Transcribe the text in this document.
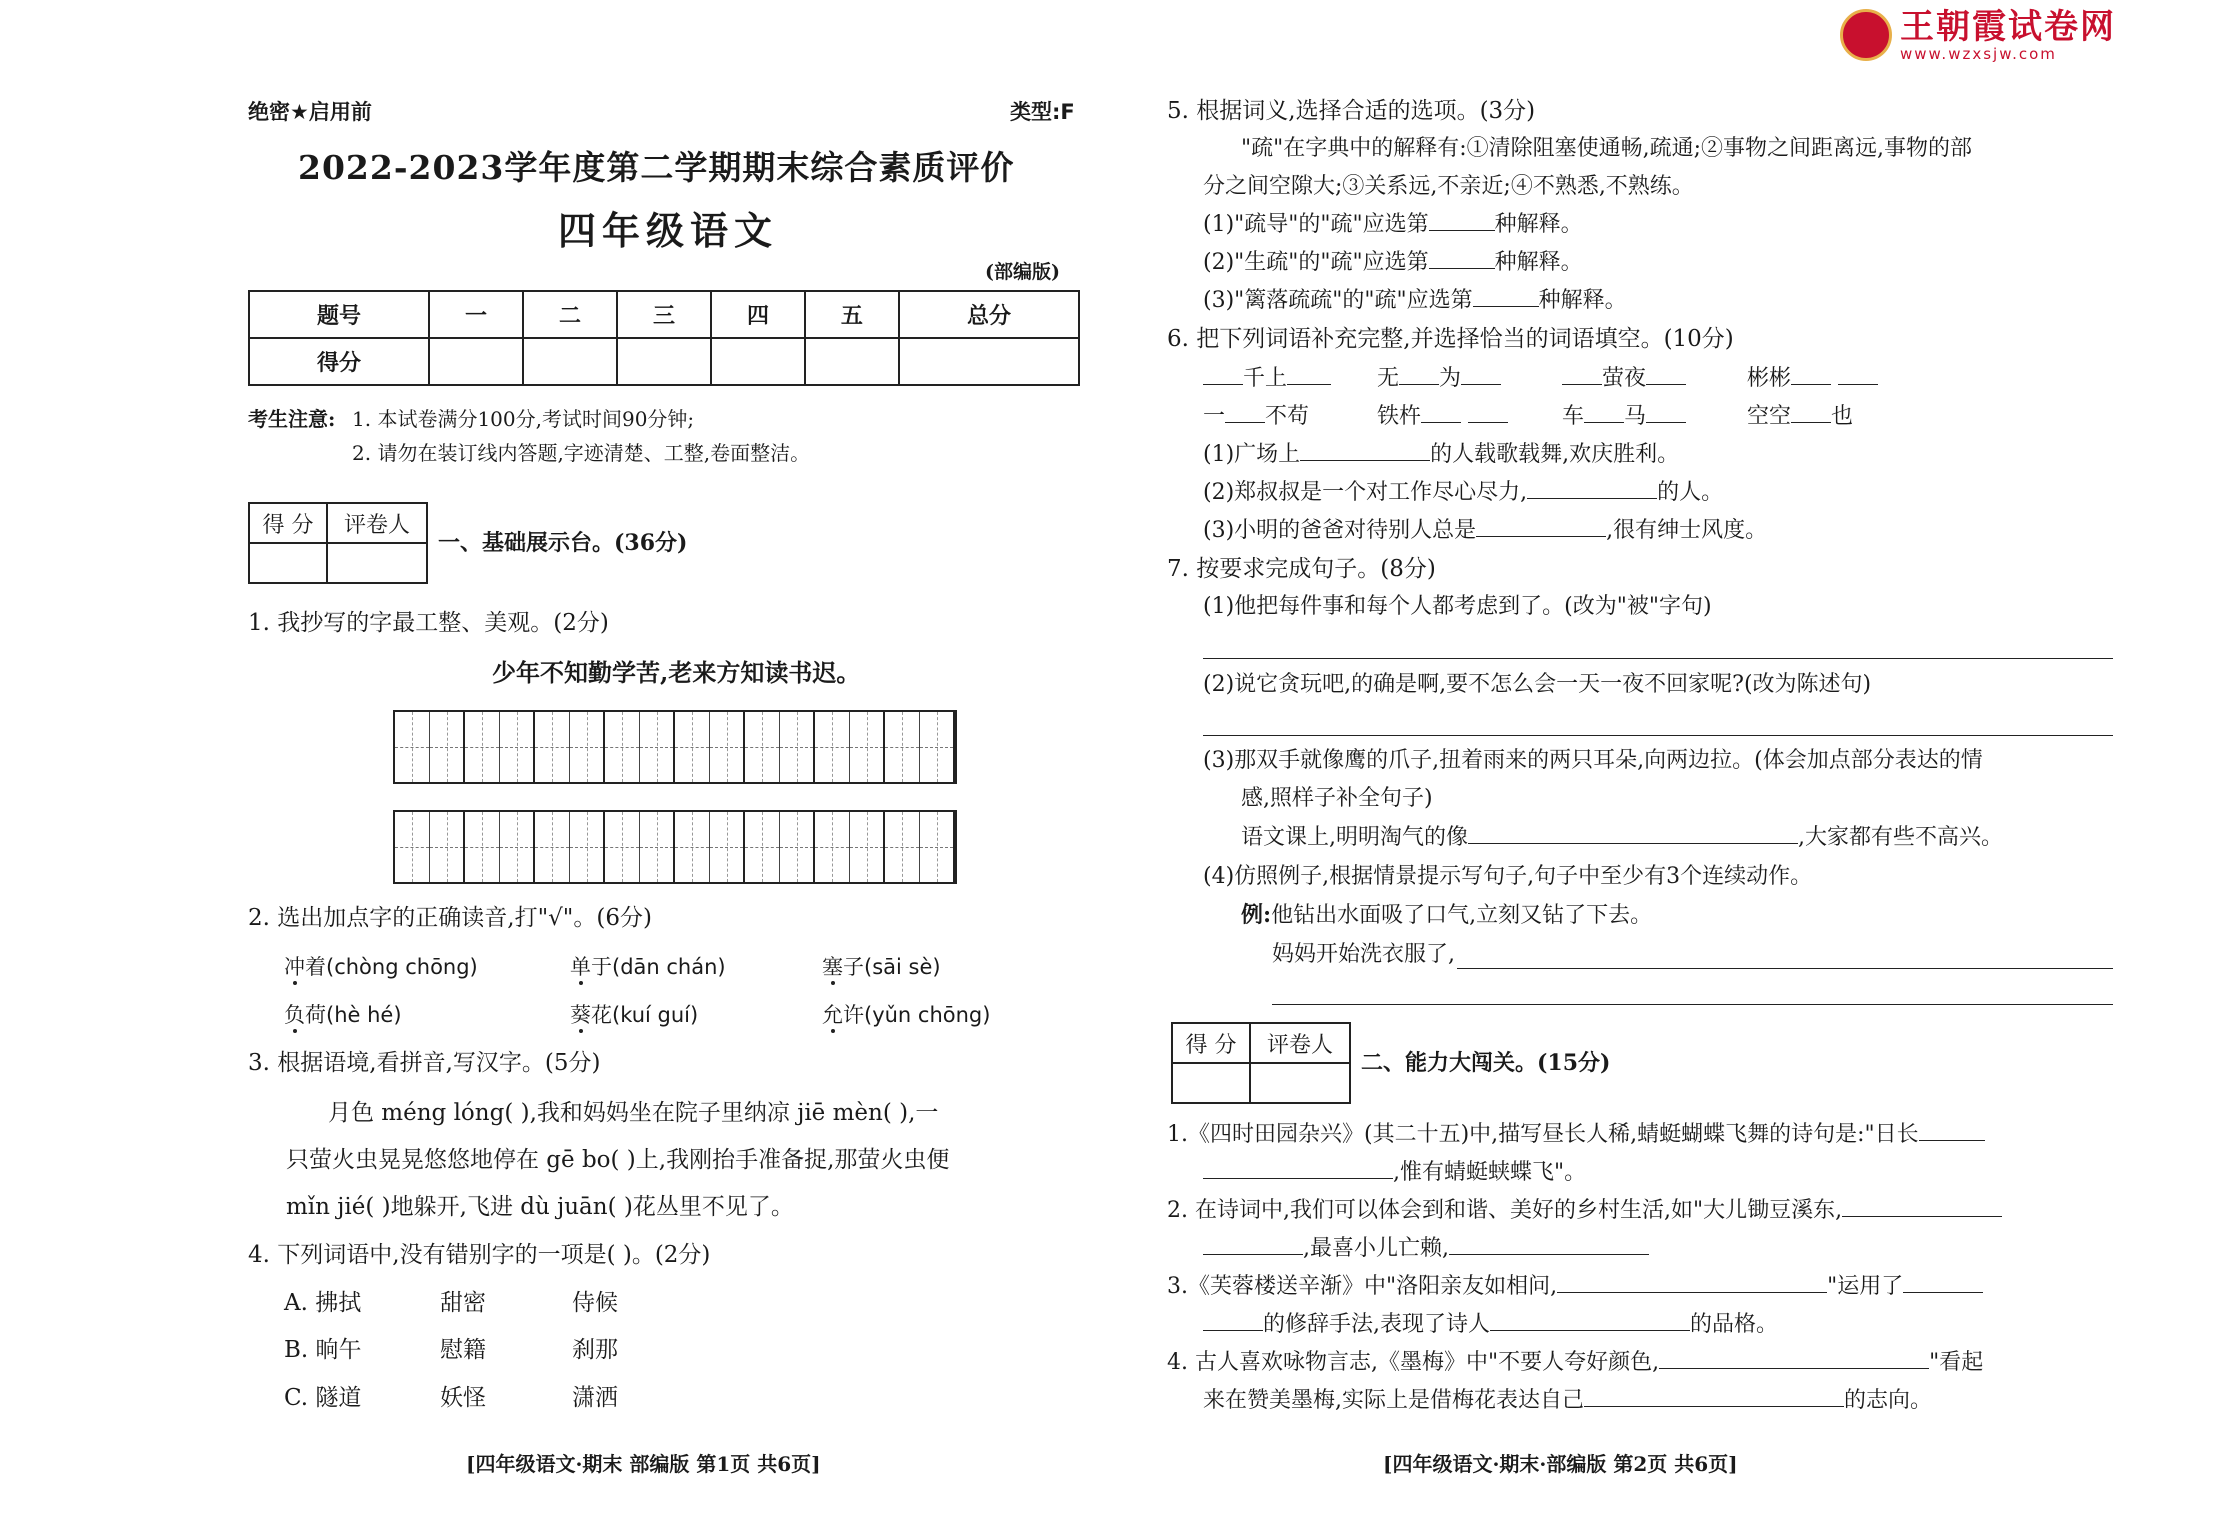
王朝霞试卷网
www.wzxsjw.com
绝密★启用前	类型:F
2022-2023学年度第二学期期末综合素质评价
四年级语文
(部编版)
题号	一	二	三	四	五	总分
得分						
考生注意: 1. 本试卷满分100分,考试时间90分钟;
2. 请勿在装订线内答题,字迹清楚、工整,卷面整洁。
得 分	评卷人

一、基础展示台。(36分)
1. 我抄写的字最工整、美观。(2分)
少年不知勤学苦,老来方知读书迟。
2. 选出加点字的正确读音,打"√"。(6分)
冲着(chòng chōng)	单于(dān chán)	塞子(sāi sè)
负荷(hè hé)	葵花(kuí guí)	允许(yǔn chōng)
3. 根据语境,看拼音,写汉字。(5分)
月色 méng lóng( ),我和妈妈坐在院子里纳凉 jiē mèn( ),一
只萤火虫晃晃悠悠地停在 gē bo( )上,我刚抬手准备捉,那萤火虫便
mǐn jié( )地躲开,飞进 dù juān( )花丛里不见了。
4. 下列词语中,没有错别字的一项是( )。(2分)
A. 拂拭	甜密	侍候
B. 晌午	慰籍	刹那
C. 隧道	妖怪	潇洒
[四年级语文·期末 部编版 第1页 共6页]
5. 根据词义,选择合适的选项。(3分)
"疏"在字典中的解释有:①清除阻塞使通畅,疏通;②事物之间距离远,事物的部
分之间空隙大;③关系远,不亲近;④不熟悉,不熟练。
(1)"疏导"的"疏"应选第	种解释。
(2)"生疏"的"疏"应选第	种解释。
(3)"篱落疏疏"的"疏"应选第	种解释。
6. 把下列词语补充完整,并选择恰当的词语填空。(10分)
千上	无 为	萤夜	彬彬
一 不苟	铁杵	车 马	空空 也
(1)广场上	的人载歌载舞,欢庆胜利。
(2)郑叔叔是一个对工作尽心尽力,	的人。
(3)小明的爸爸对待别人总是	,很有绅士风度。
7. 按要求完成句子。(8分)
(1)他把每件事和每个人都考虑到了。(改为"被"字句)
(2)说它贪玩吧,的确是啊,要不怎么会一天一夜不回家呢?(改为陈述句)
(3)那双手就像鹰的爪子,扭着雨来的两只耳朵,向两边拉。(体会加点部分表达的情
感,照样子补全句子)
语文课上,明明淘气的像	,大家都有些不高兴。
(4)仿照例子,根据情景提示写句子,句子中至少有3个连续动作。
例:他钻出水面吸了口气,立刻又钻了下去。
妈妈开始洗衣服了,
得 分	评卷人

二、能力大闯关。(15分)
1.《四时田园杂兴》(其二十五)中,描写昼长人稀,蜻蜓蝴蝶飞舞的诗句是:"日长
,惟有蜻蜓蛱蝶飞"。
2. 在诗词中,我们可以体会到和谐、美好的乡村生活,如"大儿锄豆溪东,
,最喜小儿亡赖,
3.《芙蓉楼送辛渐》中"洛阳亲友如相问,	"运用了
的修辞手法,表现了诗人	的品格。
4. 古人喜欢咏物言志,《墨梅》中"不要人夸好颜色,	"看起
来在赞美墨梅,实际上是借梅花表达自己	的志向。
[四年级语文·期末·部编版 第2页 共6页]
